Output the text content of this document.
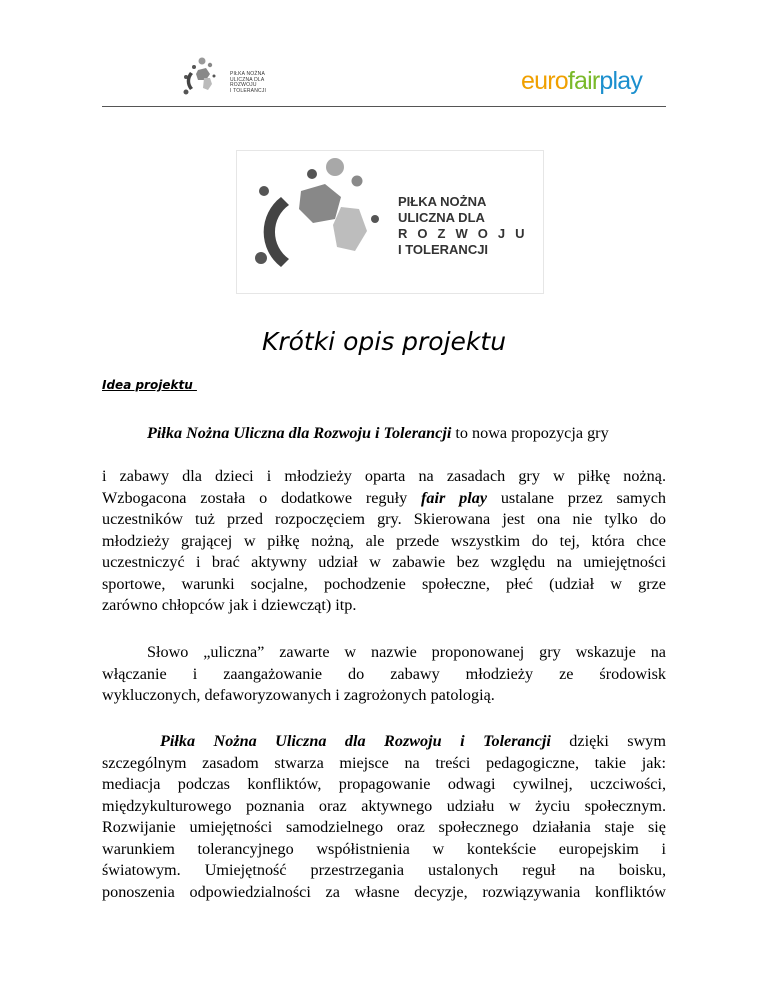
PIŁKA NOŻNA
ULICZNA DLA
ROZWOJU
I TOLERANCJI	eurofairplay
PIŁKA NOŻNA
ULICZNA DLA
R O Z W O J U
I TOLERANCJI
Krótki opis projektu
Idea projektu

Piłka Nożna Uliczna dla Rozwoju i Tolerancji to nowa propozycja gry

i zabawy dla dzieci i młodzieży oparta na zasadach gry w piłkę nożną.
Wzbogacona została o dodatkowe reguły fair play ustalane przez samych
uczestników tuż przed rozpoczęciem gry. Skierowana jest ona nie tylko do
młodzieży grającej w piłkę nożną, ale przede wszystkim do tej, która chce
uczestniczyć i brać aktywny udział w zabawie bez względu na umiejętności
sportowe, warunki socjalne, pochodzenie społeczne, płeć (udział w grze
zarówno chłopców jak i dziewcząt) itp.

Słowo „uliczna” zawarte w nazwie proponowanej gry wskazuje na
włączanie i zaangażowanie do zabawy młodzieży ze środowisk
wykluczonych, defaworyzowanych i zagrożonych patologią.

Piłka Nożna Uliczna dla Rozwoju i Tolerancji dzięki swym
szczególnym zasadom stwarza miejsce na treści pedagogiczne, takie jak:
mediacja podczas konfliktów, propagowanie odwagi cywilnej, uczciwości,
międzykulturowego poznania oraz aktywnego udziału w życiu społecznym.
Rozwijanie umiejętności samodzielnego oraz społecznego działania staje się
warunkiem tolerancyjnego współistnienia w kontekście europejskim i
światowym. Umiejętność przestrzegania ustalonych reguł na boisku,
ponoszenia odpowiedzialności za własne decyzje, rozwiązywania konfliktów
